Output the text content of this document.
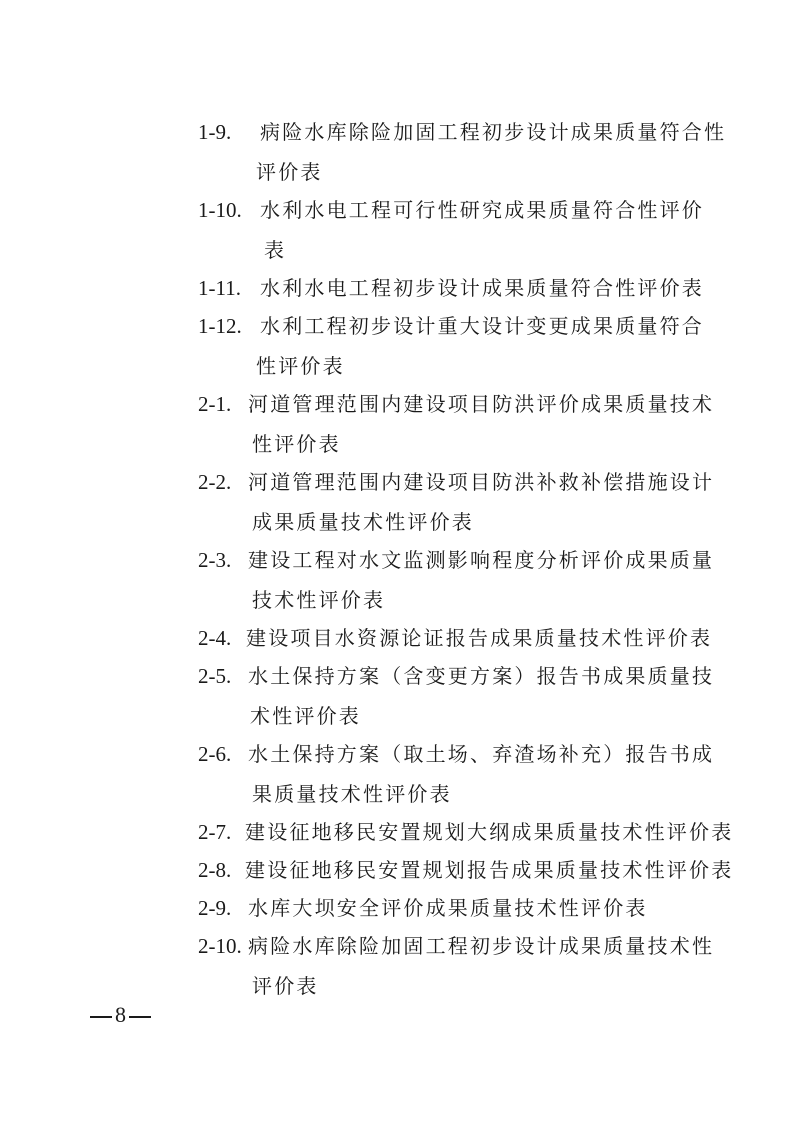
1-9. 病险水库除险加固工程初步设计成果质量符合性
评价表
1-10. 水利水电工程可行性研究成果质量符合性评价
表
1-11. 水利水电工程初步设计成果质量符合性评价表
1-12. 水利工程初步设计重大设计变更成果质量符合
性评价表
2-1. 河道管理范围内建设项目防洪评价成果质量技术
性评价表
2-2. 河道管理范围内建设项目防洪补救补偿措施设计
成果质量技术性评价表
2-3. 建设工程对水文监测影响程度分析评价成果质量
技术性评价表
2-4. 建设项目水资源论证报告成果质量技术性评价表
2-5. 水土保持方案（含变更方案）报告书成果质量技
术性评价表
2-6. 水土保持方案（取土场、弃渣场补充）报告书成
果质量技术性评价表
2-7. 建设征地移民安置规划大纲成果质量技术性评价表
2-8. 建设征地移民安置规划报告成果质量技术性评价表
2-9. 水库大坝安全评价成果质量技术性评价表
2-10. 病险水库除险加固工程初步设计成果质量技术性
评价表
8
